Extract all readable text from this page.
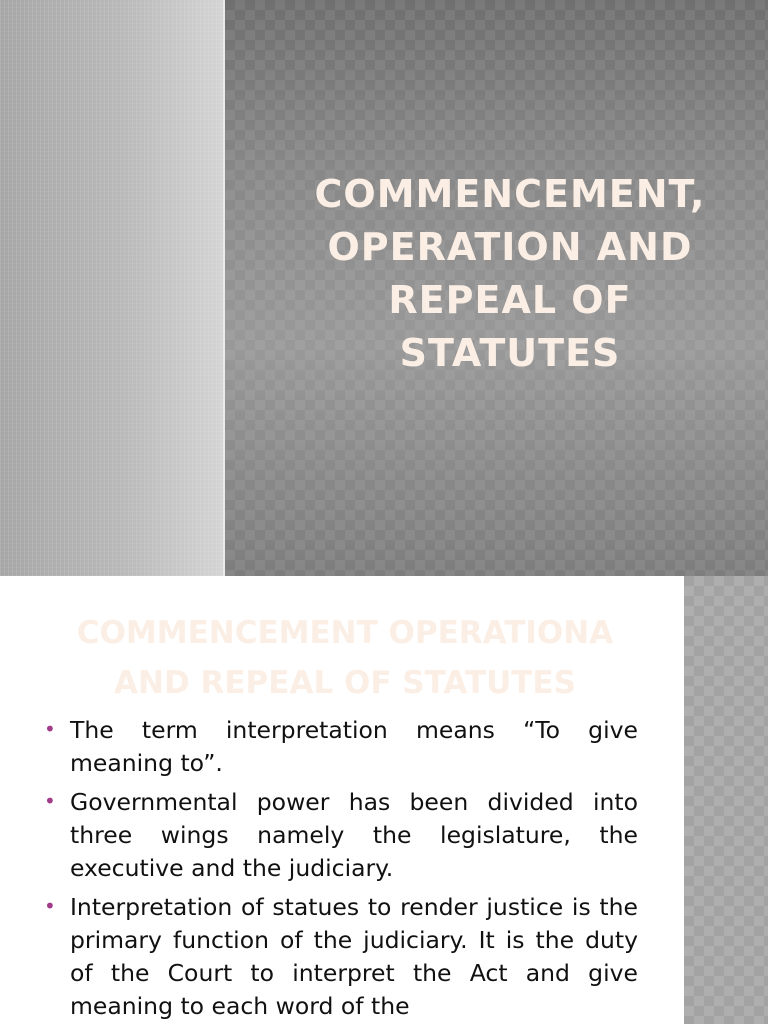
COMMENCEMENT,
OPERATION AND
REPEAL OF
STATUTES
COMMENCEMENT OPERATIONA
AND REPEAL OF STATUTES
• The term interpretation means “To give meaning to”.
• Governmental power has been divided into three wings namely the legislature, the executive and the judiciary.
• Interpretation of statues to render justice is the primary function of the judiciary. It is the duty of the Court to interpret the Act and give meaning to each word of the
